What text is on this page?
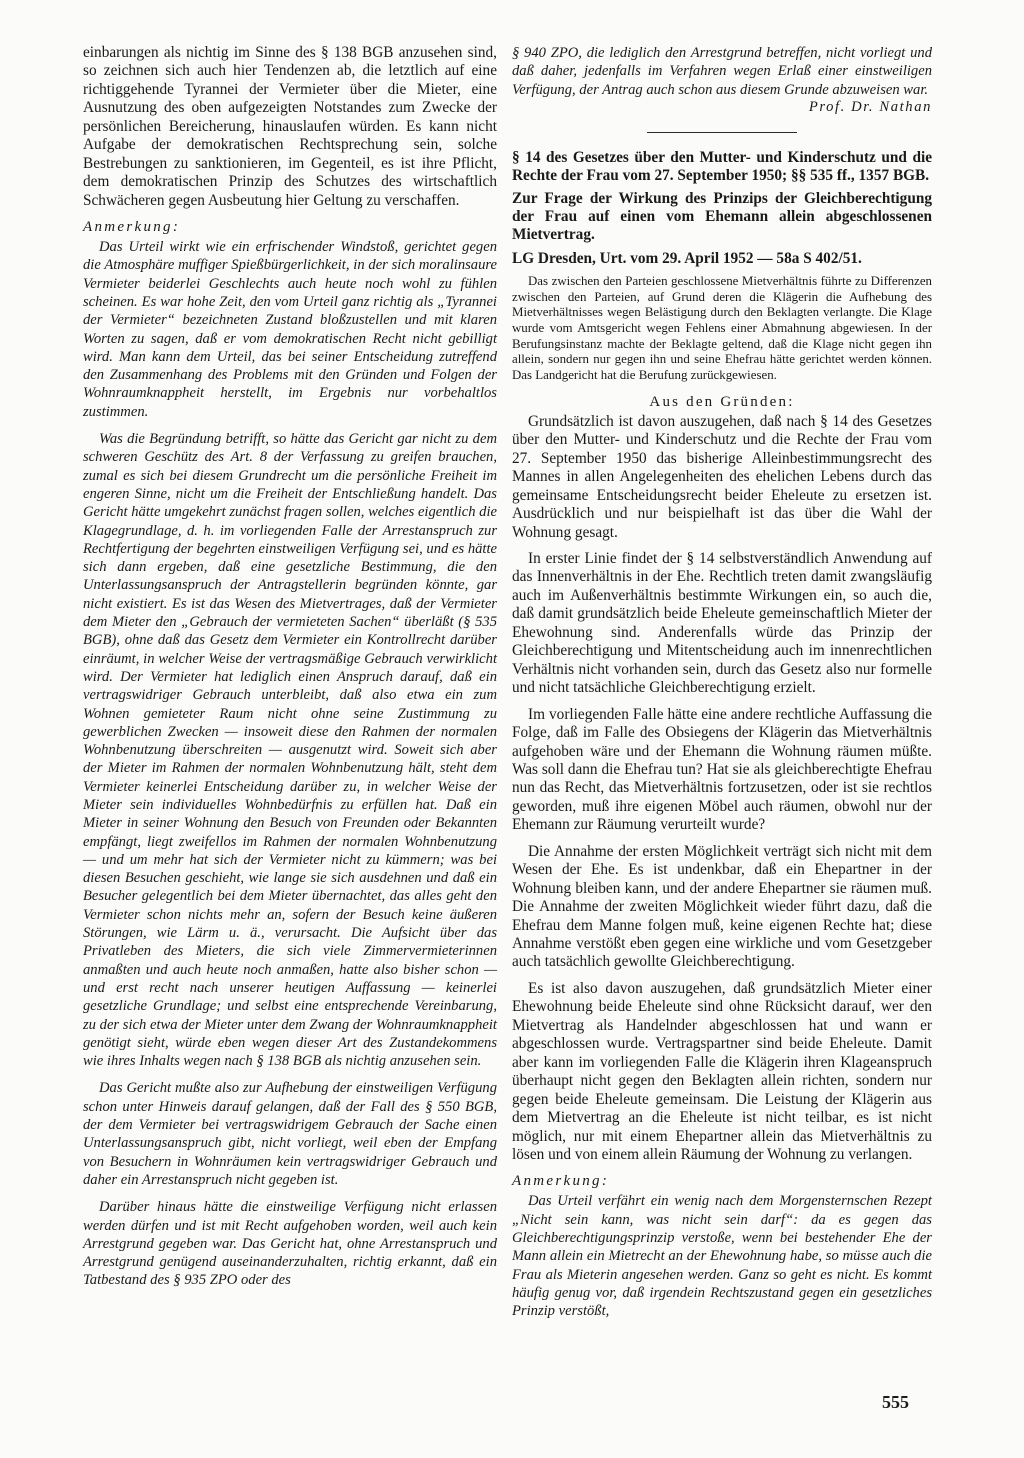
einbarungen als nichtig im Sinne des § 138 BGB anzusehen sind, so zeichnen sich auch hier Tendenzen ab, die letztlich auf eine richtiggehende Tyrannei der Vermieter über die Mieter, eine Ausnutzung des oben aufgezeigten Notstandes zum Zwecke der persönlichen Bereicherung, hinauslaufen würden. Es kann nicht Aufgabe der demokratischen Rechtsprechung sein, solche Bestrebungen zu sanktionieren, im Gegenteil, es ist ihre Pflicht, dem demokratischen Prinzip des Schutzes des wirtschaftlich Schwächeren gegen Ausbeutung hier Geltung zu verschaffen.

Anmerkung:

Das Urteil wirkt wie ein erfrischender Windstoß, gerichtet gegen die Atmosphäre muffiger Spießbürgerlichkeit, in der sich moralinsaure Vermieter beiderlei Geschlechts auch heute noch wohl zu fühlen scheinen. Es war hohe Zeit, den vom Urteil ganz richtig als „Tyrannei der Vermieter“ bezeichneten Zustand bloßzustellen und mit klaren Worten zu sagen, daß er vom demokratischen Recht nicht gebilligt wird. Man kann dem Urteil, das bei seiner Entscheidung zutreffend den Zusammenhang des Problems mit den Gründen und Folgen der Wohnraumknappheit herstellt, im Ergebnis nur vorbehaltlos zustimmen.

Was die Begründung betrifft, so hätte das Gericht gar nicht zu dem schweren Geschütz des Art. 8 der Verfassung zu greifen brauchen, zumal es sich bei diesem Grundrecht um die persönliche Freiheit im engeren Sinne, nicht um die Freiheit der Entschließung handelt. Das Gericht hätte umgekehrt zunächst fragen sollen, welches eigentlich die Klagegrundlage, d. h. im vorliegenden Falle der Arrestanspruch zur Rechtfertigung der begehrten einstweiligen Verfügung sei, und es hätte sich dann ergeben, daß eine gesetzliche Bestimmung, die den Unterlassungsanspruch der Antragstellerin begründen könnte, gar nicht existiert. Es ist das Wesen des Mietvertrages, daß der Vermieter dem Mieter den „Gebrauch der vermieteten Sachen“ überläßt (§ 535 BGB), ohne daß das Gesetz dem Vermieter ein Kontrollrecht darüber einräumt, in welcher Weise der vertragsmäßige Gebrauch verwirklicht wird. Der Vermieter hat lediglich einen Anspruch darauf, daß ein vertragswidriger Gebrauch unterbleibt, daß also etwa ein zum Wohnen gemieteter Raum nicht ohne seine Zustimmung zu gewerblichen Zwecken — insoweit diese den Rahmen der normalen Wohnbenutzung überschreiten — ausgenutzt wird. Soweit sich aber der Mieter im Rahmen der normalen Wohnbenutzung hält, steht dem Vermieter keinerlei Entscheidung darüber zu, in welcher Weise der Mieter sein individuelles Wohnbedürfnis zu erfüllen hat. Daß ein Mieter in seiner Wohnung den Besuch von Freunden oder Bekannten empfängt, liegt zweifellos im Rahmen der normalen Wohnbenutzung — und um mehr hat sich der Vermieter nicht zu kümmern; was bei diesen Besuchen geschieht, wie lange sie sich ausdehnen und daß ein Besucher gelegentlich bei dem Mieter übernachtet, das alles geht den Vermieter schon nichts mehr an, sofern der Besuch keine äußeren Störungen, wie Lärm u. ä., verursacht. Die Aufsicht über das Privatleben des Mieters, die sich viele Zimmervermieterinnen anmaßten und auch heute noch anmaßen, hatte also bisher schon — und erst recht nach unserer heutigen Auffassung — keinerlei gesetzliche Grundlage; und selbst eine entsprechende Vereinbarung, zu der sich etwa der Mieter unter dem Zwang der Wohnraumknappheit genötigt sieht, würde eben wegen dieser Art des Zustandekommens wie ihres Inhalts wegen nach § 138 BGB als nichtig anzusehen sein.

Das Gericht mußte also zur Aufhebung der einstweiligen Verfügung schon unter Hinweis darauf gelangen, daß der Fall des § 550 BGB, der dem Vermieter bei vertragswidrigem Gebrauch der Sache einen Unterlassungsanspruch gibt, nicht vorliegt, weil eben der Empfang von Besuchern in Wohnräumen kein vertragswidriger Gebrauch und daher ein Arrestanspruch nicht gegeben ist.

Darüber hinaus hätte die einstweilige Verfügung nicht erlassen werden dürfen und ist mit Recht aufgehoben worden, weil auch kein Arrestgrund gegeben war. Das Gericht hat, ohne Arrestanspruch und Arrestgrund genügend auseinanderzuhalten, richtig erkannt, daß ein Tatbestand des § 935 ZPO oder des

§ 940 ZPO, die lediglich den Arrestgrund betreffen, nicht vorliegt und daß daher, jedenfalls im Verfahren wegen Erlaß einer einstweiligen Verfügung, der Antrag auch schon aus diesem Grunde abzuweisen war.

Prof. Dr. Nathan

§ 14 des Gesetzes über den Mutter- und Kinderschutz und die Rechte der Frau vom 27. September 1950; §§ 535 ff., 1357 BGB.

Zur Frage der Wirkung des Prinzips der Gleichberechtigung der Frau auf einen vom Ehemann allein abgeschlossenen Mietvertrag.

LG Dresden, Urt. vom 29. April 1952 — 58a S 402/51.

Das zwischen den Parteien geschlossene Mietverhältnis führte zu Differenzen zwischen den Parteien, auf Grund deren die Klägerin die Aufhebung des Mietverhältnisses wegen Belästigung durch den Beklagten verlangte. Die Klage wurde vom Amtsgericht wegen Fehlens einer Abmahnung abgewiesen. In der Berufungsinstanz machte der Beklagte geltend, daß die Klage nicht gegen ihn allein, sondern nur gegen ihn und seine Ehefrau hätte gerichtet werden können. Das Landgericht hat die Berufung zurückgewiesen.

Aus den Gründen:

Grundsätzlich ist davon auszugehen, daß nach § 14 des Gesetzes über den Mutter- und Kinderschutz und die Rechte der Frau vom 27. September 1950 das bisherige Alleinbestimmungsrecht des Mannes in allen Angelegenheiten des ehelichen Lebens durch das gemeinsame Entscheidungsrecht beider Eheleute zu ersetzen ist. Ausdrücklich und nur beispielhaft ist das über die Wahl der Wohnung gesagt.

In erster Linie findet der § 14 selbstverständlich Anwendung auf das Innenverhältnis in der Ehe. Rechtlich treten damit zwangsläufig auch im Außenverhältnis bestimmte Wirkungen ein, so auch die, daß damit grundsätzlich beide Eheleute gemeinschaftlich Mieter der Ehewohnung sind. Anderenfalls würde das Prinzip der Gleichberechtigung und Mitentscheidung auch im innenrechtlichen Verhältnis nicht vorhanden sein, durch das Gesetz also nur formelle und nicht tatsächliche Gleichberechtigung erzielt.

Im vorliegenden Falle hätte eine andere rechtliche Auffassung die Folge, daß im Falle des Obsiegens der Klägerin das Mietverhältnis aufgehoben wäre und der Ehemann die Wohnung räumen müßte. Was soll dann die Ehefrau tun? Hat sie als gleichberechtigte Ehefrau nun das Recht, das Mietverhältnis fortzusetzen, oder ist sie rechtlos geworden, muß ihre eigenen Möbel auch räumen, obwohl nur der Ehemann zur Räumung verurteilt wurde?

Die Annahme der ersten Möglichkeit verträgt sich nicht mit dem Wesen der Ehe. Es ist undenkbar, daß ein Ehepartner in der Wohnung bleiben kann, und der andere Ehepartner sie räumen muß. Die Annahme der zweiten Möglichkeit wieder führt dazu, daß die Ehefrau dem Manne folgen muß, keine eigenen Rechte hat; diese Annahme verstößt eben gegen eine wirkliche und vom Gesetzgeber auch tatsächlich gewollte Gleichberechtigung.

Es ist also davon auszugehen, daß grundsätzlich Mieter einer Ehewohnung beide Eheleute sind ohne Rücksicht darauf, wer den Mietvertrag als Handelnder abgeschlossen hat und wann er abgeschlossen wurde. Vertragspartner sind beide Eheleute. Damit aber kann im vorliegenden Falle die Klägerin ihren Klageanspruch überhaupt nicht gegen den Beklagten allein richten, sondern nur gegen beide Eheleute gemeinsam. Die Leistung der Klägerin aus dem Mietvertrag an die Eheleute ist nicht teilbar, es ist nicht möglich, nur mit einem Ehepartner allein das Mietverhältnis zu lösen und von einem allein Räumung der Wohnung zu verlangen.

Anmerkung:

Das Urteil verfährt ein wenig nach dem Morgensternschen Rezept „Nicht sein kann, was nicht sein darf“: da es gegen das Gleichberechtigungsprinzip verstoße, wenn bei bestehender Ehe der Mann allein ein Mietrecht an der Ehewohnung habe, so müsse auch die Frau als Mieterin angesehen werden. Ganz so geht es nicht. Es kommt häufig genug vor, daß irgendein Rechtszustand gegen ein gesetzliches Prinzip verstößt,

555
